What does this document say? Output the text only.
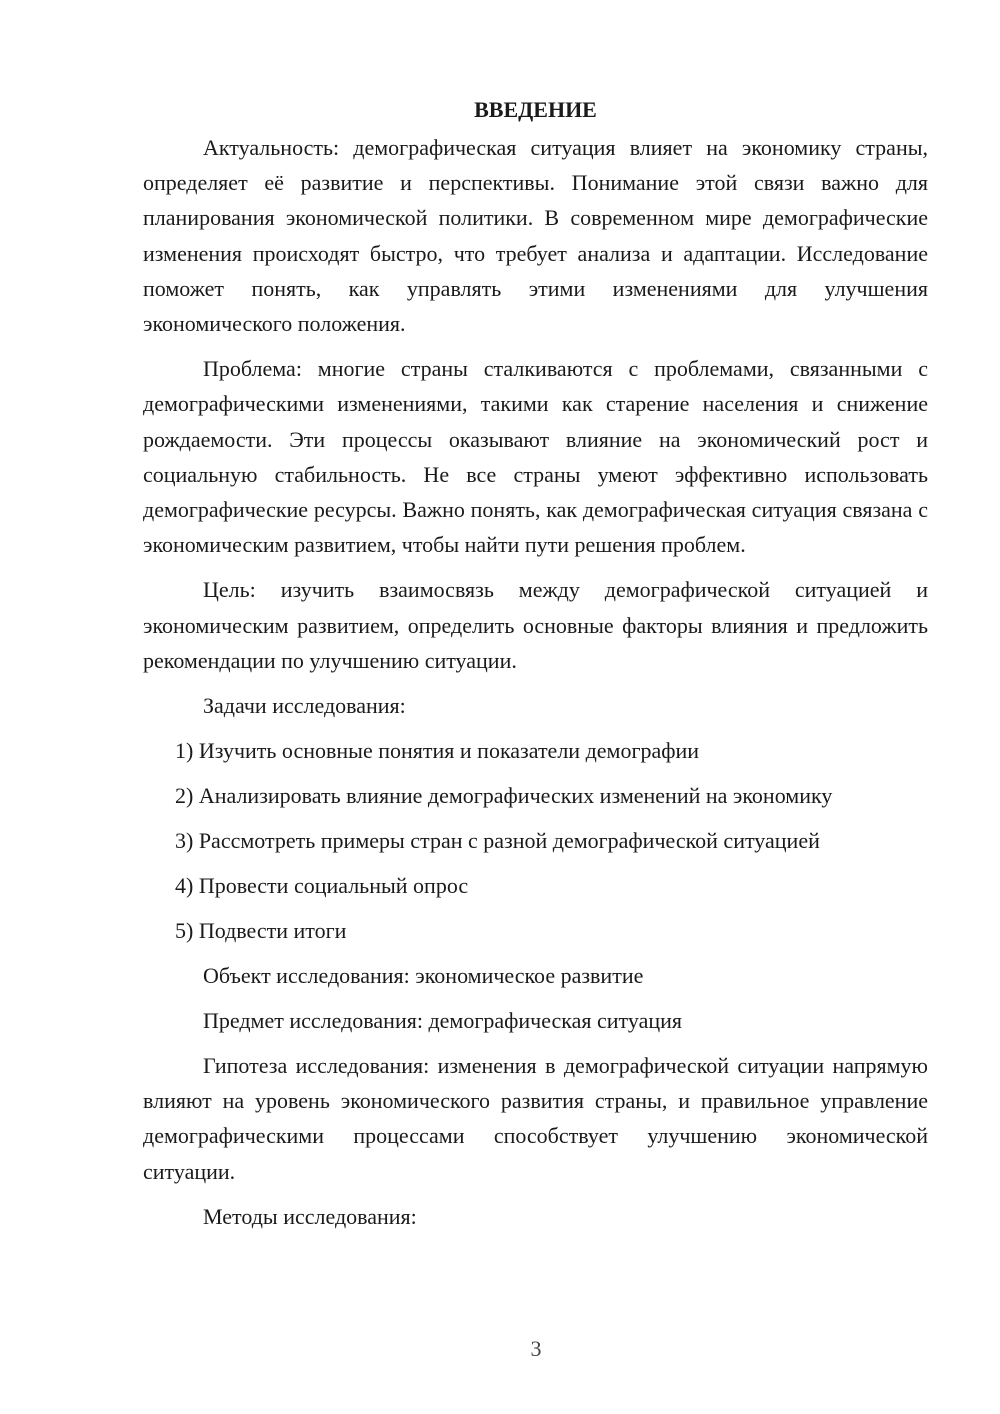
ВВЕДЕНИЕ

Актуальность: демографическая ситуация влияет на экономику страны, определяет её развитие и перспективы. Понимание этой связи важно для планирования экономической политики. В современном мире демографические изменения происходят быстро, что требует анализа и адаптации. Исследование поможет понять, как управлять этими изменениями для улучшения экономического положения.

Проблема: многие страны сталкиваются с проблемами, связанными с демографическими изменениями, такими как старение населения и снижение рождаемости. Эти процессы оказывают влияние на экономический рост и социальную стабильность. Не все страны умеют эффективно использовать демографические ресурсы. Важно понять, как демографическая ситуация связана с экономическим развитием, чтобы найти пути решения проблем.

Цель: изучить взаимосвязь между демографической ситуацией и экономическим развитием, определить основные факторы влияния и предложить рекомендации по улучшению ситуации.

Задачи исследования:
1) Изучить основные понятия и показатели демографии
2) Анализировать влияние демографических изменений на экономику
3) Рассмотреть примеры стран с разной демографической ситуацией
4) Провести социальный опрос
5) Подвести итоги
Объект исследования: экономическое развитие
Предмет исследования: демографическая ситуация

Гипотеза исследования: изменения в демографической ситуации напрямую влияют на уровень экономического развития страны, и правильное управление демографическими процессами способствует улучшению экономической ситуации.

Методы исследования:
3
